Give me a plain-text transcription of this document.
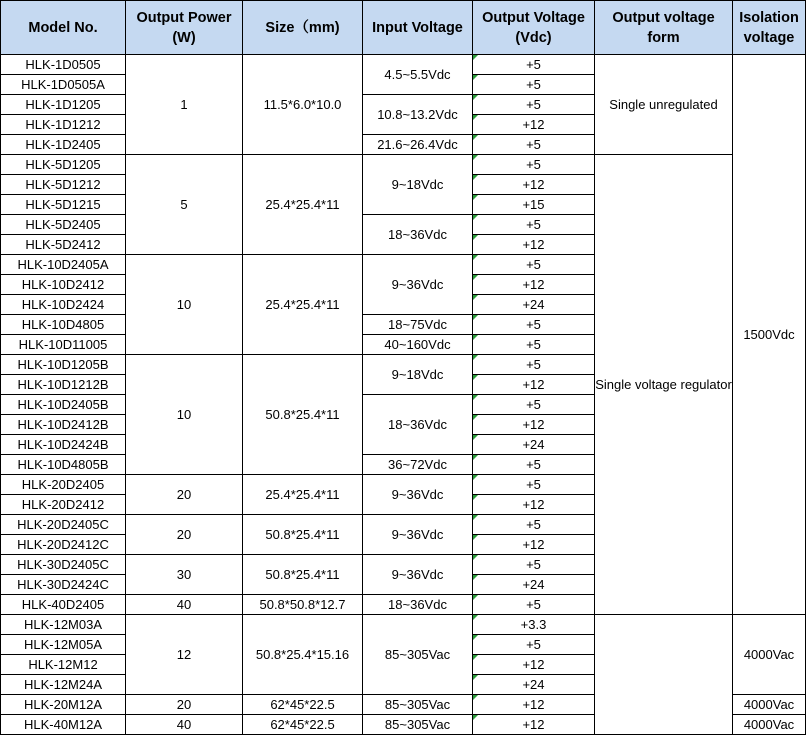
Model No.	Output Power (W)	Size（mm)	Input Voltage	Output Voltage (Vdc)	Output voltage form	Isolation voltage
HLK-1D0505	1	11.5*6.0*10.0	4.5~5.5Vdc	+5	Single unregulated	1500Vdc
HLK-1D0505A				+5		
HLK-1D1205			10.8~13.2Vdc	+5		
HLK-1D1212				+12		
HLK-1D2405			21.6~26.4Vdc	+5		
HLK-5D1205	5	25.4*25.4*11	9~18Vdc	+5	Single voltage regulator	
HLK-5D1212				+12		
HLK-5D1215				+15		
HLK-5D2405			18~36Vdc	+5		
HLK-5D2412				+12		
HLK-10D2405A	10	25.4*25.4*11	9~36Vdc	+5		
HLK-10D2412				+12		
HLK-10D2424				+24		
HLK-10D4805			18~75Vdc	+5		
HLK-10D11005			40~160Vdc	+5		
HLK-10D1205B	10	50.8*25.4*11	9~18Vdc	+5		
HLK-10D1212B				+12		
HLK-10D2405B			18~36Vdc	+5		
HLK-10D2412B				+12		
HLK-10D2424B				+24		
HLK-10D4805B			36~72Vdc	+5		
HLK-20D2405	20	25.4*25.4*11	9~36Vdc	+5		
HLK-20D2412				+12		
HLK-20D2405C	20	50.8*25.4*11	9~36Vdc	+5		
HLK-20D2412C				+12		
HLK-30D2405C	30	50.8*25.4*11	9~36Vdc	+5		
HLK-30D2424C				+24		
HLK-40D2405	40	50.8*50.8*12.7	18~36Vdc	+5		
HLK-12M03A	12	50.8*25.4*15.16	85~305Vac	+3.3		4000Vac
HLK-12M05A				+5		
HLK-12M12				+12		
HLK-12M24A				+24		
HLK-20M12A	20	62*45*22.5	85~305Vac	+12		4000Vac
HLK-40M12A	40	62*45*22.5	85~305Vac	+12		4000Vac
